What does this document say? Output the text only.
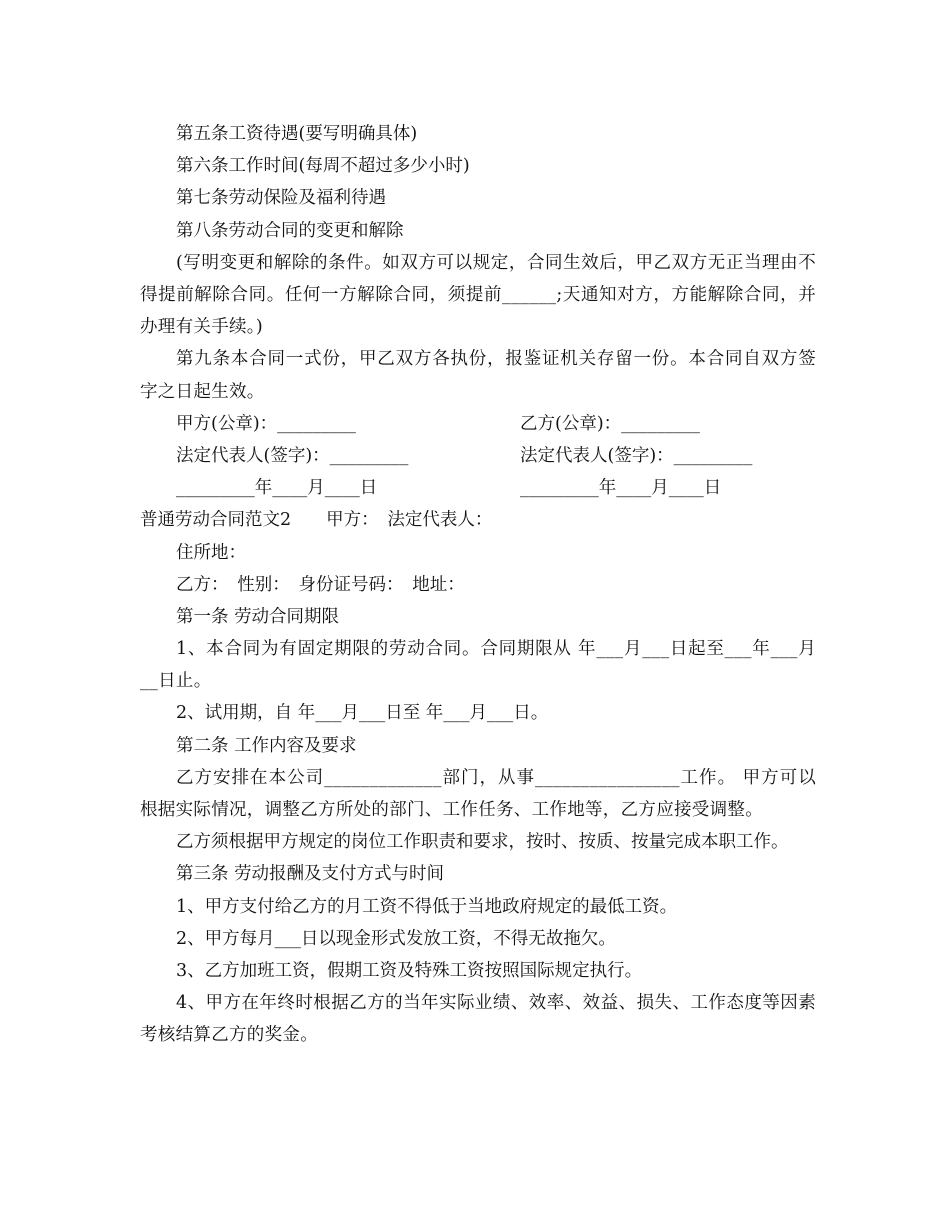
第五条工资待遇(要写明确具体)
第六条工作时间(每周不超过多少小时)
第七条劳动保险及福利待遇
第八条劳动合同的变更和解除
(写明变更和解除的条件。如双方可以规定，合同生效后，甲乙双方无正当理由不得提前解除合同。任何一方解除合同，须提前______;天通知对方，方能解除合同，并办理有关手续。)
第九条本合同一式份，甲乙双方各执份，报鉴证机关存留一份。本合同自双方签字之日起生效。
甲方(公章)：_________	乙方(公章)：_________
法定代表人(签字)：_________	法定代表人(签字)：_________
_________年____月____日	_________年____月____日
普通劳动合同范文2　　甲方：　法定代表人：
住所地：
乙方：　性别：　身份证号码：　地址：
第一条 劳动合同期限
1、本合同为有固定期限的劳动合同。合同期限从 年___月___日起至___年___月__日止。
2、试用期，自 年___月___日至 年___月___日。
第二条 工作内容及要求
乙方安排在本公司_____________部门，从事________________工作。 甲方可以根据实际情况，调整乙方所处的部门、工作任务、工作地等，乙方应接受调整。
乙方须根据甲方规定的岗位工作职责和要求，按时、按质、按量完成本职工作。
第三条 劳动报酬及支付方式与时间
1、甲方支付给乙方的月工资不得低于当地政府规定的最低工资。
2、甲方每月___日以现金形式发放工资，不得无故拖欠。
3、乙方加班工资，假期工资及特殊工资按照国际规定执行。
4、甲方在年终时根据乙方的当年实际业绩、效率、效益、损失、工作态度等因素考核结算乙方的奖金。
